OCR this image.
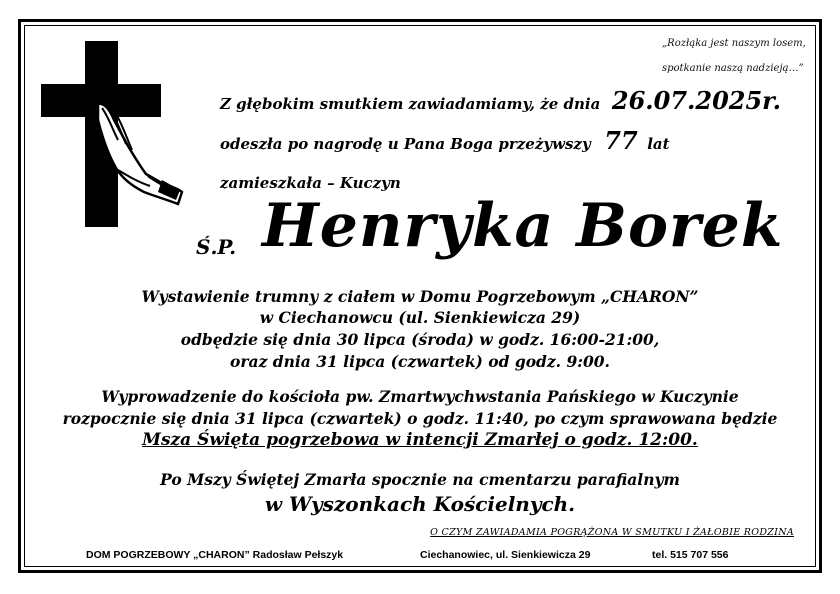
„Rozłąka jest naszym losem,
spotkanie naszą nadzieją…”
Z głębokim smutkiem zawiadamiamy, że dnia 26.07.2025r.
odeszła po nagrodę u Pana Boga przeżywszy 77 lat
zamieszkała – Kuczyn
Ś.P. Henryka Borek
Wystawienie trumny z ciałem w Domu Pogrzebowym „CHARON”
w Ciechanowcu (ul. Sienkiewicza 29)
odbędzie się dnia 30 lipca (środa) w godz. 16:00-21:00,
oraz dnia 31 lipca (czwartek) od godz. 9:00.
Wyprowadzenie do kościoła pw. Zmartwychwstania Pańskiego w Kuczynie
rozpocznie się dnia 31 lipca (czwartek) o godz. 11:40, po czym sprawowana będzie
Msza Święta pogrzebowa w intencji Zmarłej o godz. 12:00.
Po Mszy Świętej Zmarła spocznie na cmentarzu parafialnym
w Wyszonkach Kościelnych.
O CZYM ZAWIADAMIA POGRĄŻONA W SMUTKU I ŻAŁOBIE RODZINA
DOM POGRZEBOWY „CHARON” Radosław Pełszyk	Ciechanowiec, ul. Sienkiewicza 29	tel. 515 707 556
